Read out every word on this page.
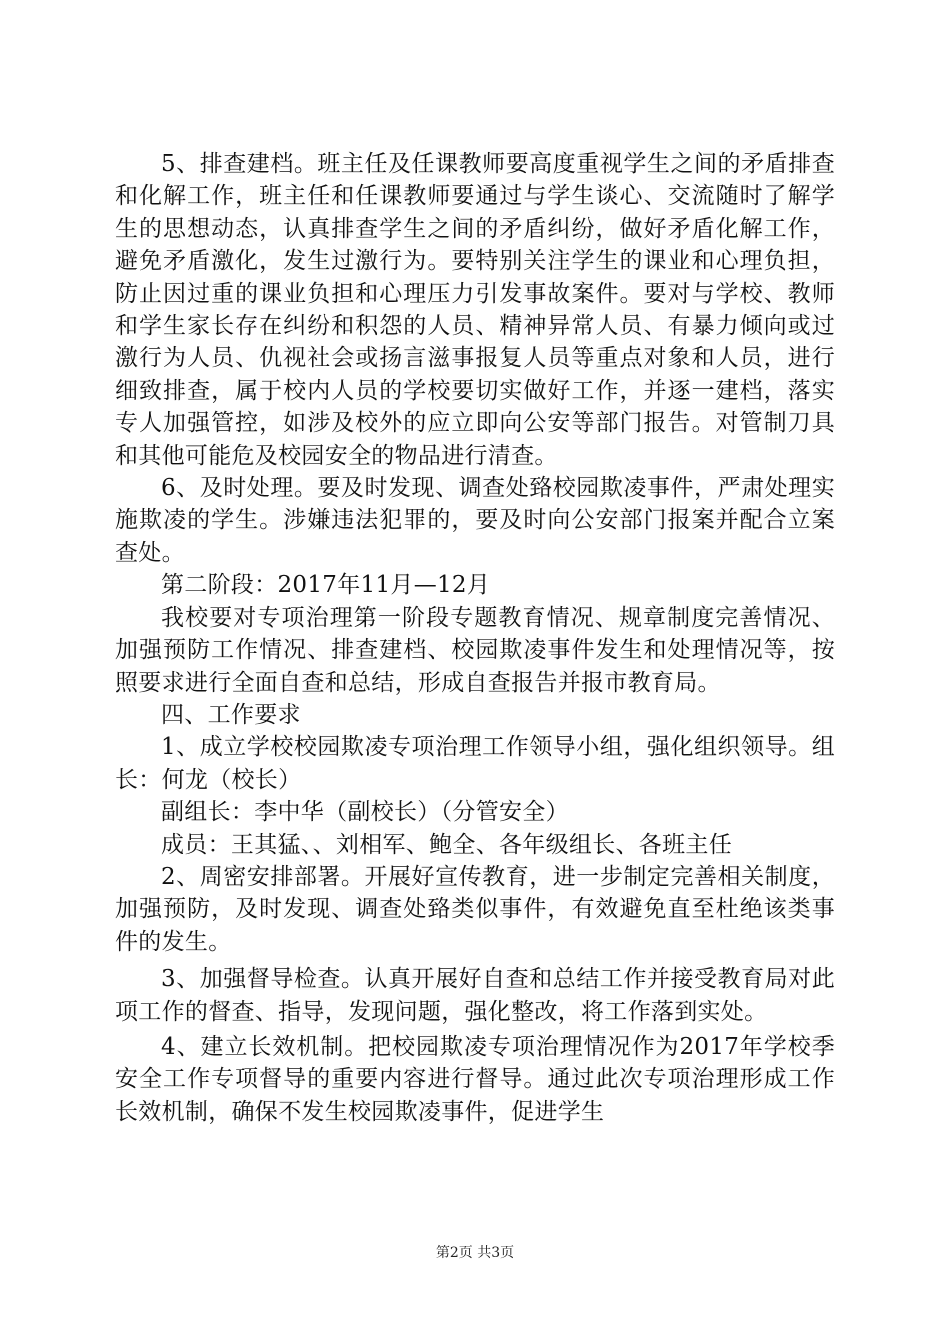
5、排查建档。班主任及任课教师要高度重视学生之间的矛盾排查和化解工作，班主任和任课教师要通过与学生谈心、交流随时了解学生的思想动态，认真排查学生之间的矛盾纠纷，做好矛盾化解工作，避免矛盾激化，发生过激行为。要特别关注学生的课业和心理负担，防止因过重的课业负担和心理压力引发事故案件。要对与学校、教师和学生家长存在纠纷和积怨的人员、精神异常人员、有暴力倾向或过激行为人员、仇视社会或扬言滋事报复人员等重点对象和人员，进行细致排查，属于校内人员的学校要切实做好工作，并逐一建档，落实专人加强管控，如涉及校外的应立即向公安等部门报告。对管制刀具和其他可能危及校园安全的物品进行清查。

6、及时处理。要及时发现、调查处臵校园欺凌事件，严肃处理实施欺凌的学生。涉嫌违法犯罪的，要及时向公安部门报案并配合立案查处。

第二阶段：2017年11月—12月

我校要对专项治理第一阶段专题教育情况、规章制度完善情况、加强预防工作情况、排查建档、校园欺凌事件发生和处理情况等，按照要求进行全面自查和总结，形成自查报告并报市教育局。

四、工作要求

1、成立学校校园欺凌专项治理工作领导小组，强化组织领导。组长：何龙（校长）

副组长：李中华（副校长）（分管安全）

成员：王其猛、、刘相军、鲍全、各年级组长、各班主任

2、周密安排部署。开展好宣传教育，进一步制定完善相关制度，加强预防，及时发现、调查处臵类似事件，有效避免直至杜绝该类事件的发生。

3、加强督导检查。认真开展好自查和总结工作并接受教育局对此项工作的督查、指导，发现问题，强化整改，将工作落到实处。

4、建立长效机制。把校园欺凌专项治理情况作为2017年学校季安全工作专项督导的重要内容进行督导。通过此次专项治理形成工作长效机制，确保不发生校园欺凌事件，促进学生

第2页 共3页
